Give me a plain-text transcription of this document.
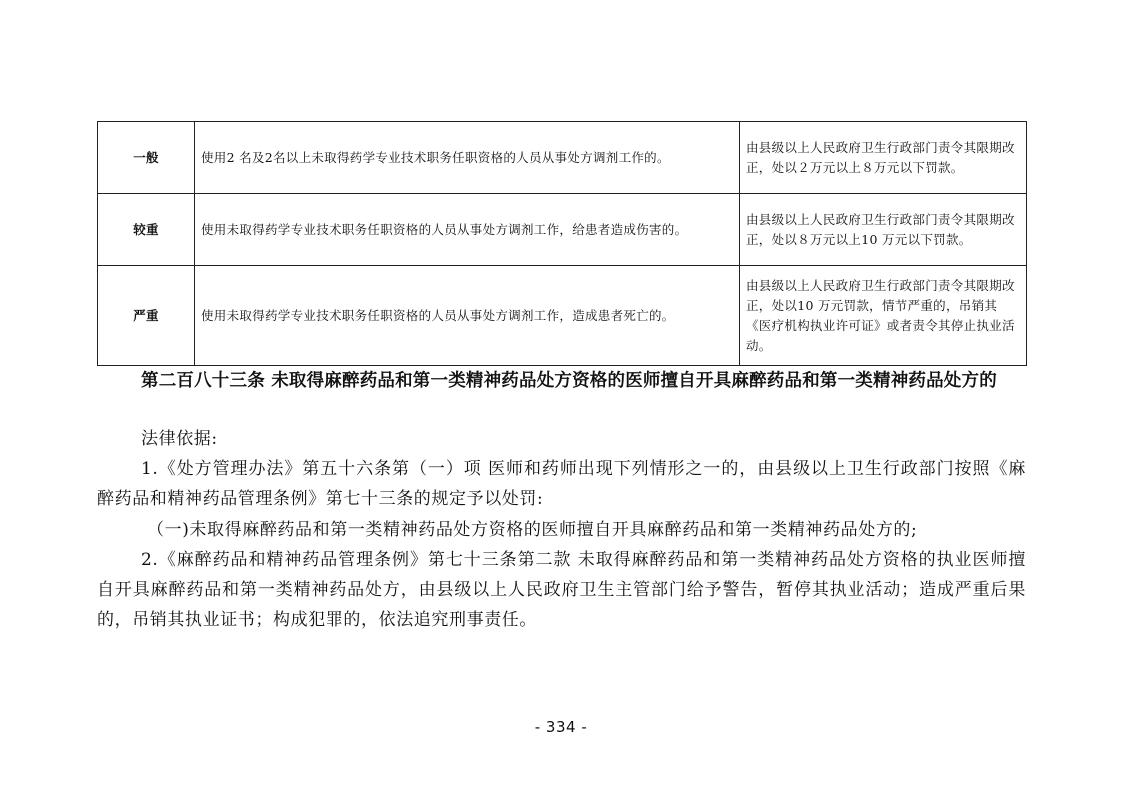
一般	使用2 名及2名以上未取得药学专业技术职务任职资格的人员从事处方调剂工作的。	由县级以上人民政府卫生行政部门责令其限期改正，处以２万元以上８万元以下罚款。
较重	使用未取得药学专业技术职务任职资格的人员从事处方调剂工作，给患者造成伤害的。	由县级以上人民政府卫生行政部门责令其限期改正，处以８万元以上10 万元以下罚款。
严重	使用未取得药学专业技术职务任职资格的人员从事处方调剂工作，造成患者死亡的。	由县级以上人民政府卫生行政部门责令其限期改正，处以10 万元罚款，情节严重的，吊销其《医疗机构执业许可证》或者责令其停止执业活动。
第二百八十三条 未取得麻醉药品和第一类精神药品处方资格的医师擅自开具麻醉药品和第一类精神药品处方的

法律依据:

1.《处方管理办法》第五十六条第（一）项 医师和药师出现下列情形之一的，由县级以上卫生行政部门按照《麻醉药品和精神药品管理条例》第七十三条的规定予以处罚:

（一)未取得麻醉药品和第一类精神药品处方资格的医师擅自开具麻醉药品和第一类精神药品处方的;

2.《麻醉药品和精神药品管理条例》第七十三条第二款 未取得麻醉药品和第一类精神药品处方资格的执业医师擅自开具麻醉药品和第一类精神药品处方，由县级以上人民政府卫生主管部门给予警告，暂停其执业活动；造成严重后果的，吊销其执业证书；构成犯罪的，依法追究刑事责任。

- 334 -
